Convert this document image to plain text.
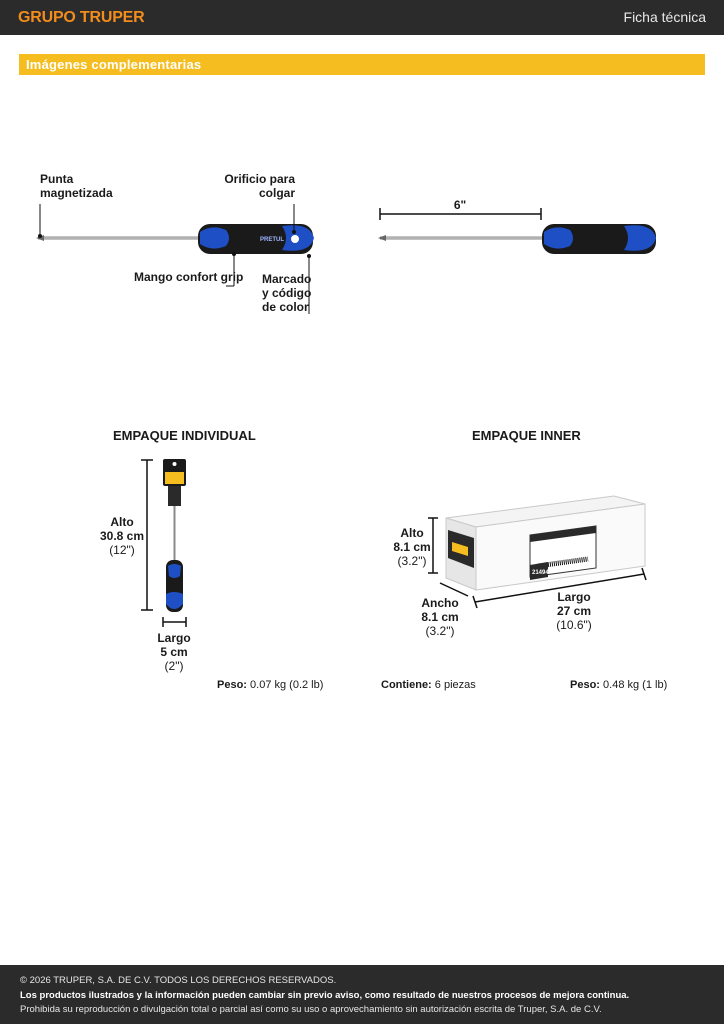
GRUPO TRUPER	Ficha técnica
Imágenes complementarias
PRETUL
21494
Punta
magnetizada
Orificio para
colgar
Mango confort grip Marcado
y código
de color
6"
EMPAQUE INDIVIDUAL
Alto
30.8 cm
(12")
Largo
5 cm
(2")
Peso: 0.07 kg (0.2 lb)
EMPAQUE INNER
Alto
8.1 cm
(3.2")
Ancho
8.1 cm
(3.2")
Largo
27 cm
(10.6")
Contiene: 6 piezas	Peso: 0.48 kg (1 lb)
© 2026 TRUPER, S.A. DE C.V. TODOS LOS DERECHOS RESERVADOS.
Los productos ilustrados y la información pueden cambiar sin previo aviso, como resultado de nuestros procesos de mejora continua.
Prohibida su reproducción o divulgación total o parcial así como su uso o aprovechamiento sin autorización escrita de Truper, S.A. de C.V.
